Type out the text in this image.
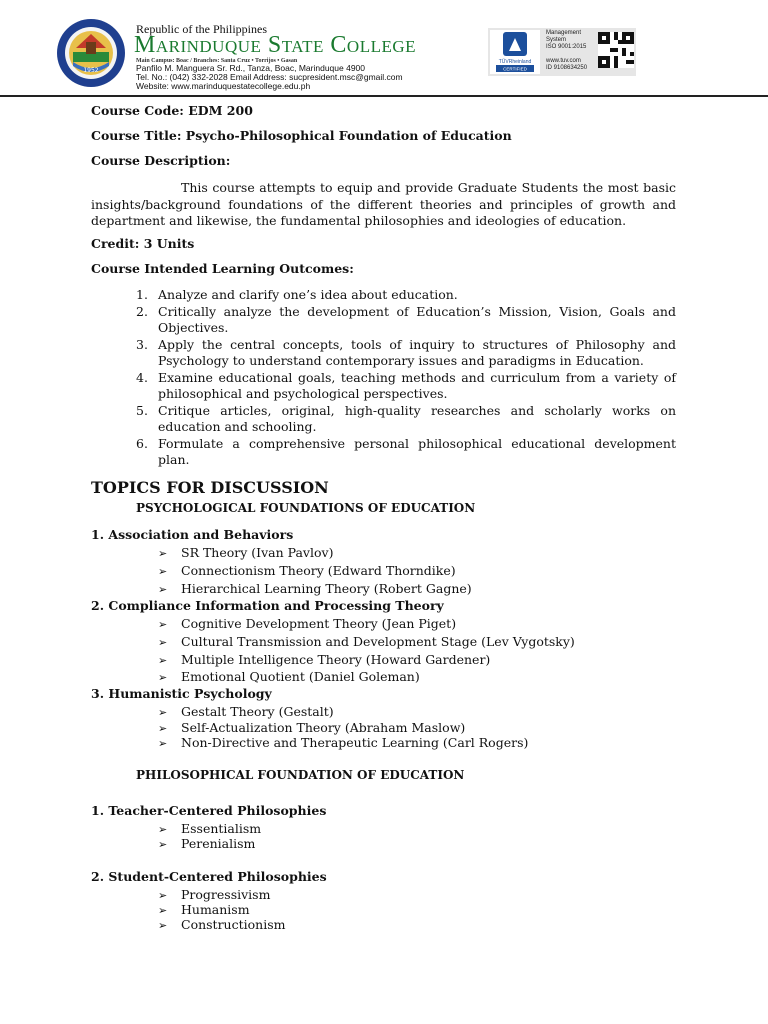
1952
Republic of the Philippines
Marinduque State College
Main Campus: Boac / Branches: Santa Cruz • Torrijos • Gasan
Panfilo M. Manguera Sr. Rd., Tanza, Boac, Marinduque 4900
Tel. No.: (042) 332-2028 Email Address: sucpresident.msc@gmail.com
Website: www.marinduquestatecollege.edu.ph
TÜVRheinland
CERTIFIED
Management
System
ISO 9001:2015
www.tuv.com
ID 9108634250
Course Code: EDM 200
Course Title: Psycho-Philosophical Foundation of Education
Course Description:
This course attempts to equip and provide Graduate Students the most basic insights/background foundations of the different theories and principles of growth and department and likewise, the fundamental philosophies and ideologies of education.
Credit: 3 Units
Course Intended Learning Outcomes:
1. Analyze and clarify one’s idea about education.
2. Critically analyze the development of Education’s Mission, Vision, Goals and Objectives.
3. Apply the central concepts, tools of inquiry to structures of Philosophy and Psychology to understand contemporary issues and paradigms in Education.
4. Examine educational goals, teaching methods and curriculum from a variety of philosophical and psychological perspectives.
5. Critique articles, original, high-quality researches and scholarly works on education and schooling.
6. Formulate a comprehensive personal philosophical educational development plan.
TOPICS FOR DISCUSSION
PSYCHOLOGICAL FOUNDATIONS OF EDUCATION
1. Association and Behaviors
➢ SR Theory (Ivan Pavlov)
➢ Connectionism Theory (Edward Thorndike)
➢ Hierarchical Learning Theory (Robert Gagne)
2. Compliance Information and Processing Theory
➢ Cognitive Development Theory (Jean Piget)
➢ Cultural Transmission and Development Stage (Lev Vygotsky)
➢ Multiple Intelligence Theory (Howard Gardener)
➢ Emotional Quotient (Daniel Goleman)
3. Humanistic Psychology
➢ Gestalt Theory (Gestalt)
➢ Self-Actualization Theory (Abraham Maslow)
➢ Non-Directive and Therapeutic Learning (Carl Rogers)
PHILOSOPHICAL FOUNDATION OF EDUCATION
1. Teacher-Centered Philosophies
➢ Essentialism
➢ Perenialism
2. Student-Centered Philosophies
➢ Progressivism
➢ Humanism
➢ Constructionism
